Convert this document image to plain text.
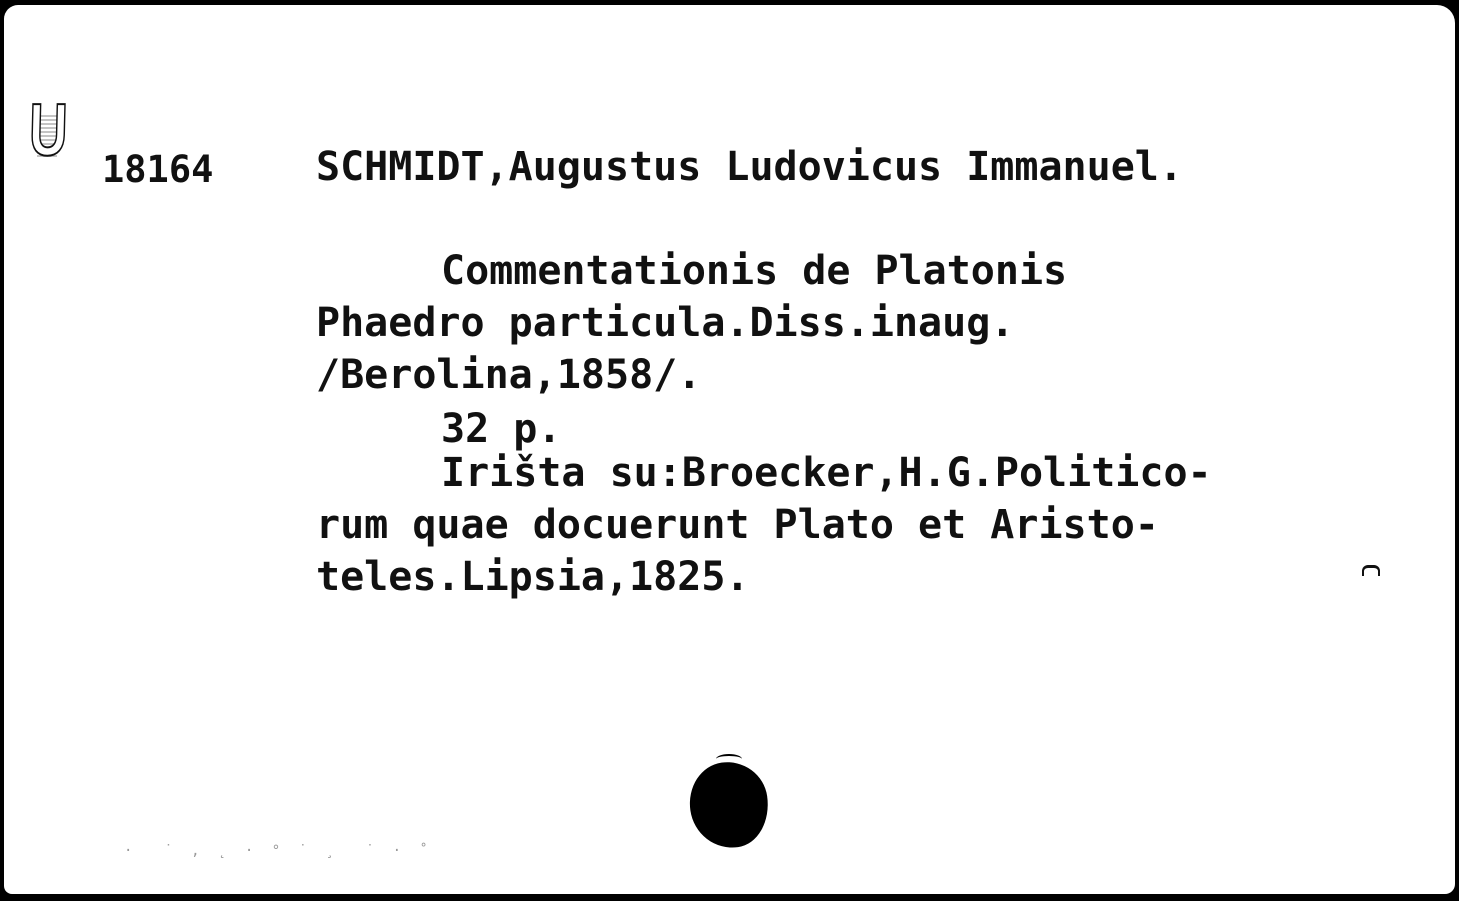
U 18164	SCHMIDT,Augustus Ludovicus Immanuel.
Commentationis de Platonis
Phaedro particula.Diss.inaug.
/Berolina,1858/.
32 p.
Irišta su:Broecker,H.G.Politico-
rum quae docuerunt Plato et Aristo-
teles.Lipsia,1825.
·  ˙ ‚ ˛ · ° ˙ ¸  ˙ · ˚
